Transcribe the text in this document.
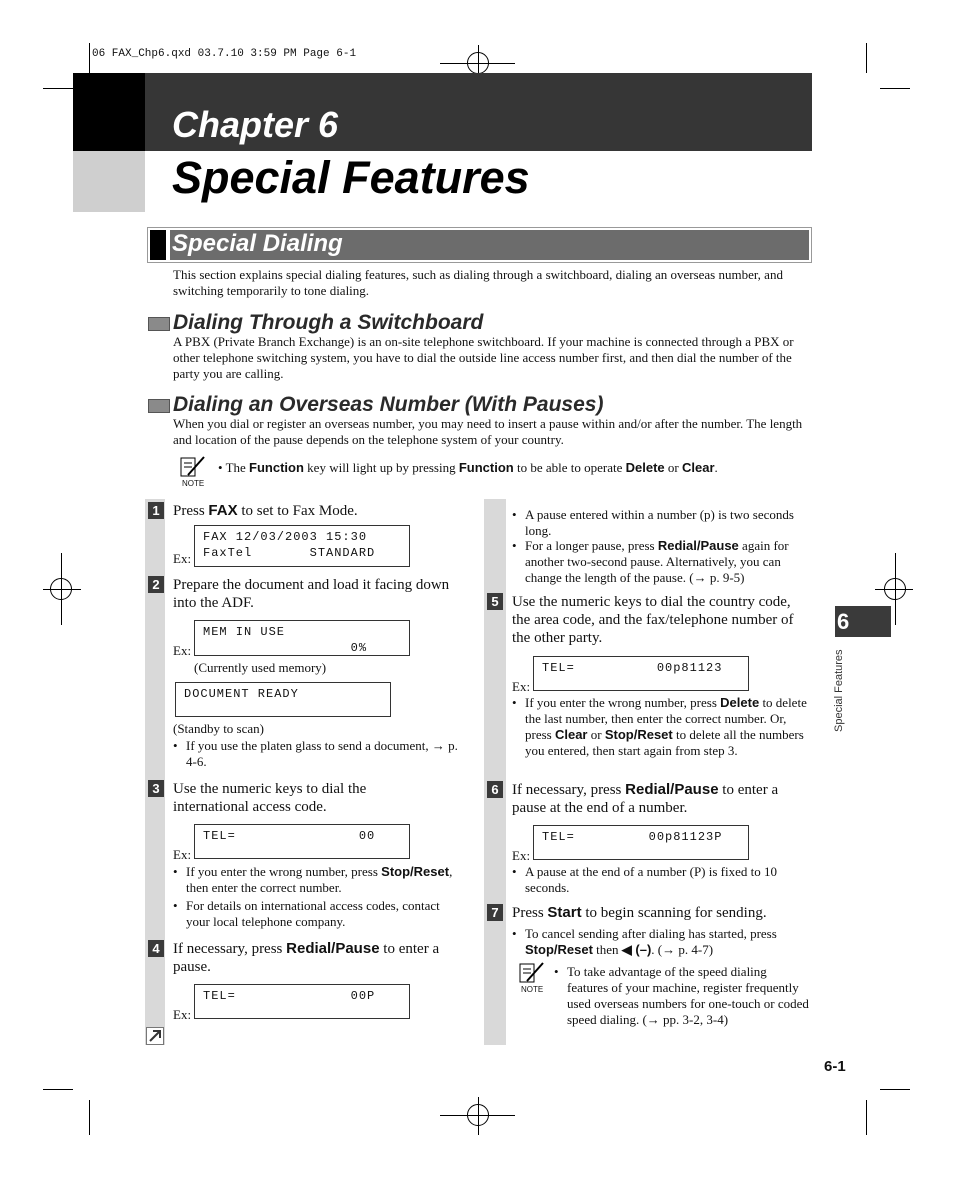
06 FAX_Chp6.qxd 03.7.10 3:59 PM Page 6-1
Chapter 6
Special Features
Special Dialing
This section explains special dialing features, such as dialing through a switchboard, dialing an overseas number, and switching temporarily to tone dialing.
Dialing Through a Switchboard
A PBX (Private Branch Exchange) is an on-site telephone switchboard. If your machine is connected through a PBX or other telephone switching system, you have to dial the outside line access number first, and then dial the number of the party you are calling.
Dialing an Overseas Number (With Pauses)
When you dial or register an overseas number, you may need to insert a pause within and/or after the number. The length and location of the pause depends on the telephone system of your country.
NOTE
• The Function key will light up by pressing Function to be able to operate Delete or Clear.
1 Press FAX to set to Fax Mode.
Ex:
FAX 12/03/2003 15:30
FaxTel       STANDARD
2 Prepare the document and load it facing down into the ADF.
Ex:
MEM IN USE
0%
(Currently used memory)
DOCUMENT READY
(Standby to scan)
• If you use the platen glass to send a document, → p. 4-6.
3 Use the numeric keys to dial the international access code.
Ex:
TEL=               00
• If you enter the wrong number, press Stop/Reset, then enter the correct number.
• For details on international access codes, contact your local telephone company.
4 If necessary, press Redial/Pause to enter a pause.
Ex:
TEL=              00P
• A pause entered within a number (p) is two seconds long.
• For a longer pause, press Redial/Pause again for another two-second pause. Alternatively, you can change the length of the pause. (→ p. 9-5)
5 Use the numeric keys to dial the country code, the area code, and the fax/telephone number of the other party.
Ex:
TEL=          00p81123
• If you enter the wrong number, press Delete to delete the last number, then enter the correct number. Or, press Clear or Stop/Reset to delete all the numbers you entered, then start again from step 3.
6 If necessary, press Redial/Pause to enter a pause at the end of a number.
Ex:
TEL=         00p81123P
• A pause at the end of a number (P) is fixed to 10 seconds.
7 Press Start to begin scanning for sending.
• To cancel sending after dialing has started, press Stop/Reset then ◀ (–). (→ p. 4-7)
NOTE
• To take advantage of the speed dialing features of your machine, register frequently used overseas numbers for one-touch or coded speed dialing. (→ pp. 3-2, 3-4)
6
Special Features
6-1
